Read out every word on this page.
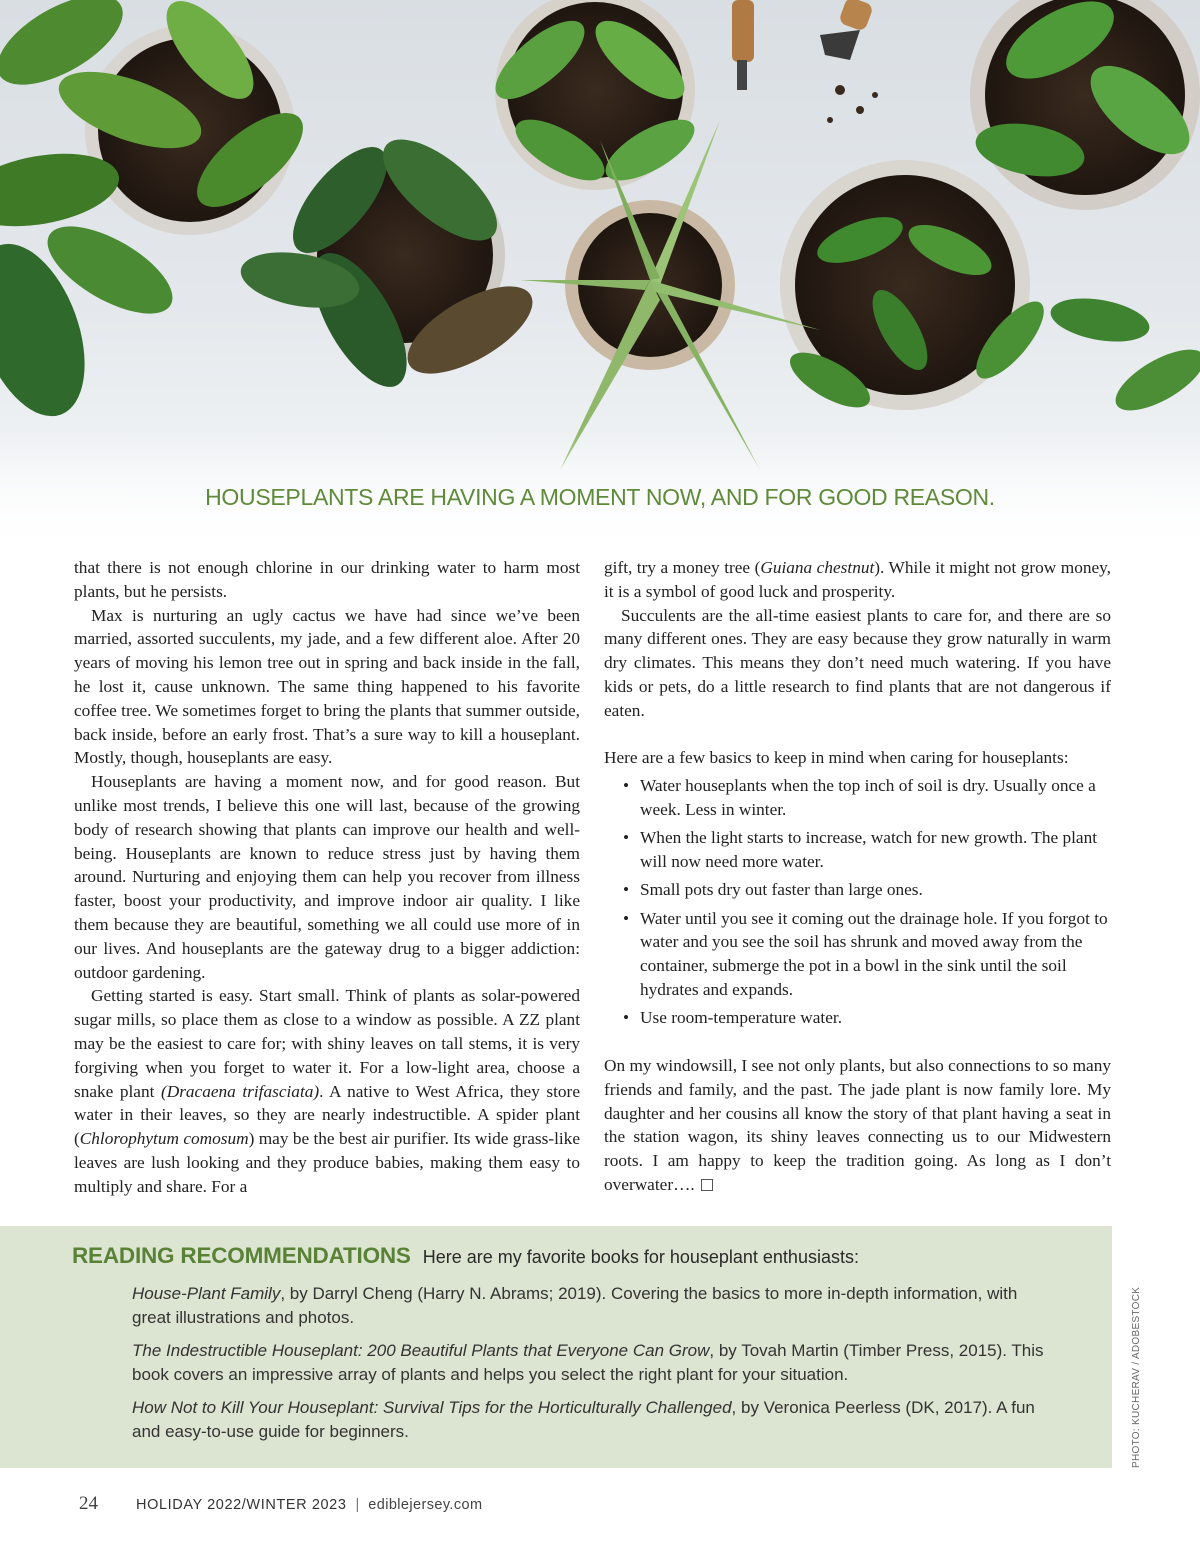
HOUSEPLANTS ARE HAVING A MOMENT NOW, AND FOR GOOD REASON.

that there is not enough chlorine in our drinking water to harm most plants, but he persists.

Max is nurturing an ugly cactus we have had since we’ve been married, assorted succulents, my jade, and a few different aloe. After 20 years of moving his lemon tree out in spring and back inside in the fall, he lost it, cause unknown. The same thing happened to his favorite coffee tree. We sometimes forget to bring the plants that summer outside, back inside, before an early frost. That’s a sure way to kill a houseplant. Mostly, though, houseplants are easy.

Houseplants are having a moment now, and for good reason. But unlike most trends, I believe this one will last, because of the growing body of research showing that plants can improve our health and well-being. Houseplants are known to reduce stress just by having them around. Nurturing and enjoying them can help you recover from illness faster, boost your productivity, and improve indoor air quality. I like them because they are beautiful, something we all could use more of in our lives. And houseplants are the gateway drug to a bigger addiction: outdoor gardening.

Getting started is easy. Start small. Think of plants as solar-powered sugar mills, so place them as close to a window as possible. A ZZ plant may be the easiest to care for; with shiny leaves on tall stems, it is very forgiving when you forget to water it. For a low-light area, choose a snake plant (Dracaena trifasciata). A native to West Africa, they store water in their leaves, so they are nearly indestructible. A spider plant (Chlorophytum comosum) may be the best air purifier. Its wide grass-like leaves are lush looking and they produce babies, making them easy to multiply and share. For a

gift, try a money tree (Guiana chestnut). While it might not grow money, it is a symbol of good luck and prosperity.

Succulents are the all-time easiest plants to care for, and there are so many different ones. They are easy because they grow naturally in warm dry climates. This means they don’t need much watering. If you have kids or pets, do a little research to find plants that are not dangerous if eaten.

Here are a few basics to keep in mind when caring for houseplants:

• Water houseplants when the top inch of soil is dry. Usually once a week. Less in winter.
• When the light starts to increase, watch for new growth. The plant will now need more water.
• Small pots dry out faster than large ones.
• Water until you see it coming out the drainage hole. If you forgot to water and you see the soil has shrunk and moved away from the container, submerge the pot in a bowl in the sink until the soil hydrates and expands.
• Use room-temperature water.

On my windowsill, I see not only plants, but also connections to so many friends and family, and the past. The jade plant is now family lore. My daughter and her cousins all know the story of that plant having a seat in the station wagon, its shiny leaves connecting us to our Midwestern roots. I am happy to keep the tradition going. As long as I don’t overwater….

READING RECOMMENDATIONS Here are my favorite books for houseplant enthusiasts:

House-Plant Family, by Darryl Cheng (Harry N. Abrams; 2019). Covering the basics to more in-depth information, with great illustrations and photos.

The Indestructible Houseplant: 200 Beautiful Plants that Everyone Can Grow, by Tovah Martin (Timber Press, 2015). This book covers an impressive array of plants and helps you select the right plant for your situation.

How Not to Kill Your Houseplant: Survival Tips for the Horticulturally Challenged, by Veronica Peerless (DK, 2017). A fun and easy-to-use guide for beginners.	PHOTO: KUCHERAV / ADOBESTOCK
24	HOLIDAY 2022/WINTER 2023 | ediblejersey.com
